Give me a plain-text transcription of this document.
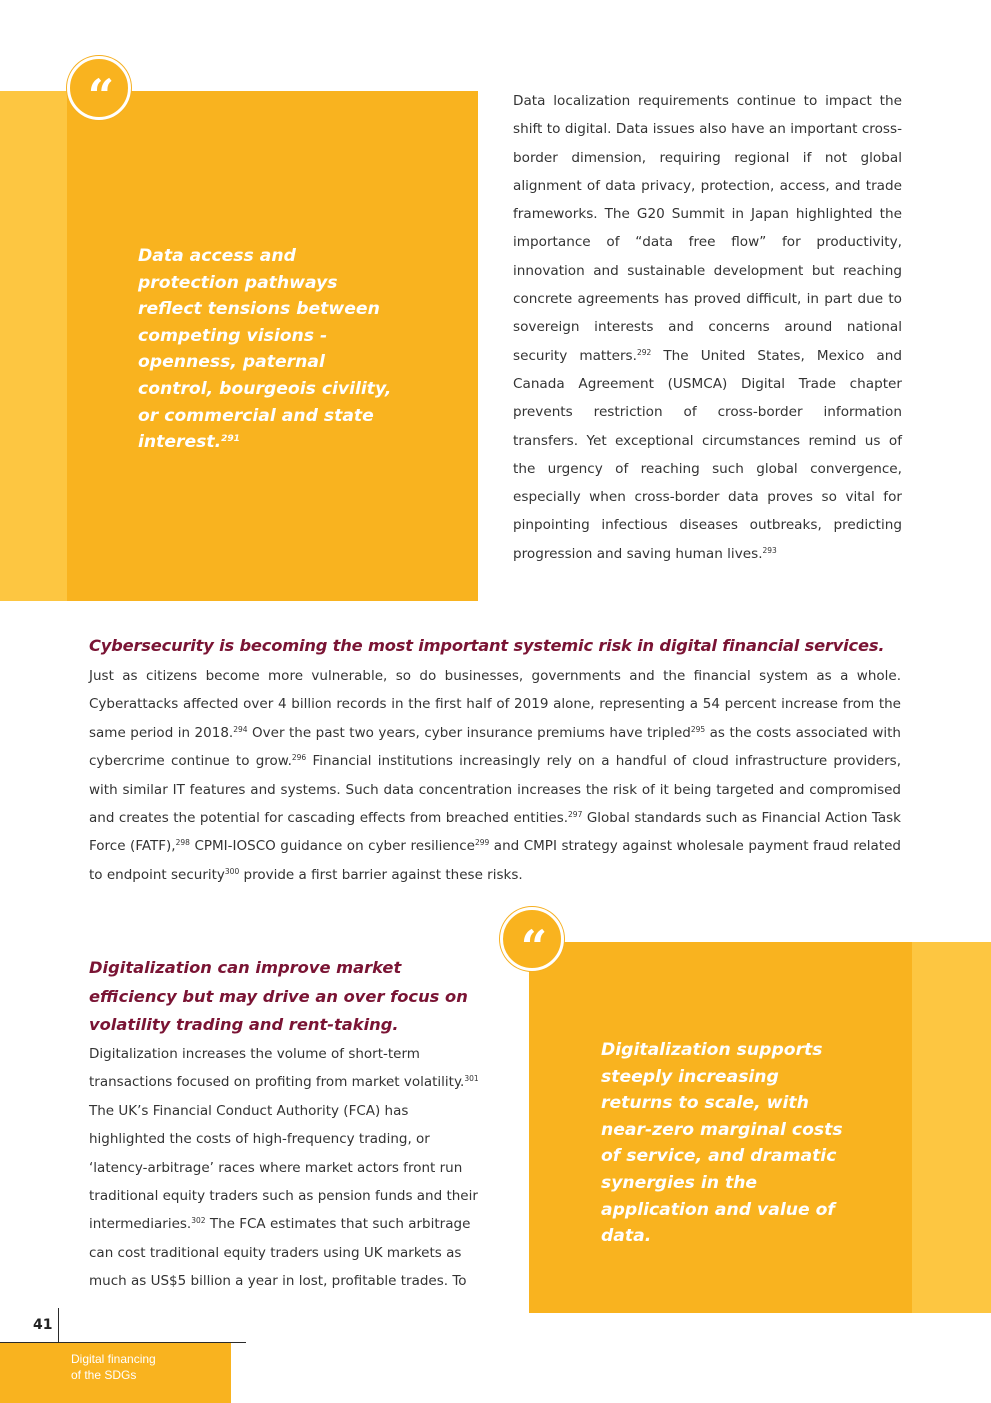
“

Data access and protection pathways reflect tensions between competing visions - openness, paternal control, bourgeois civility, or commercial and state interest.$^{291}$

Data localization requirements continue to impact the shift to digital. Data issues also have an important cross-border dimension, requiring regional if not global alignment of data privacy, protection, access, and trade frameworks. The G20 Summit in Japan highlighted the importance of “data free flow” for productivity, innovation and sustainable development but reaching concrete agreements has proved difficult, in part due to sovereign interests and concerns around national security matters.$^{292}$ The United States, Mexico and Canada Agreement (USMCA) Digital Trade chapter prevents restriction of cross-border information transfers. Yet exceptional circumstances remind us of the urgency of reaching such global convergence, especially when cross-border data proves so vital for pinpointing infectious diseases outbreaks, predicting progression and saving human lives.$^{293}$

Cybersecurity is becoming the most important systemic risk in digital financial services.

Just as citizens become more vulnerable, so do businesses, governments and the financial system as a whole. Cyberattacks affected over 4 billion records in the first half of 2019 alone, representing a 54 percent increase from the same period in 2018.$^{294}$ Over the past two years, cyber insurance premiums have tripled$^{295}$ as the costs associated with cybercrime continue to grow.$^{296}$ Financial institutions increasingly rely on a handful of cloud infrastructure providers, with similar IT features and systems. Such data concentration increases the risk of it being targeted and compromised and creates the potential for cascading effects from breached entities.$^{297}$ Global standards such as Financial Action Task Force (FATF),$^{298}$ CPMI-IOSCO guidance on cyber resilience$^{299}$ and CMPI strategy against wholesale payment fraud related to endpoint security$^{300}$ provide a first barrier against these risks.

Digitalization can improve market efficiency but may drive an over focus on volatility trading and rent-taking.

Digitalization increases the volume of short-term transactions focused on profiting from market volatility.$^{301}$ The UK’s Financial Conduct Authority (FCA) has highlighted the costs of high-frequency trading, or ‘latency-arbitrage’ races where market actors front run traditional equity traders such as pension funds and their intermediaries.$^{302}$ The FCA estimates that such arbitrage can cost traditional equity traders using UK markets as much as US$5 billion a year in lost, profitable trades. To

“

Digitalization supports steeply increasing returns to scale, with near-zero marginal costs of service, and dramatic synergies in the application and value of data.

41

Digital financing
of the SDGs
